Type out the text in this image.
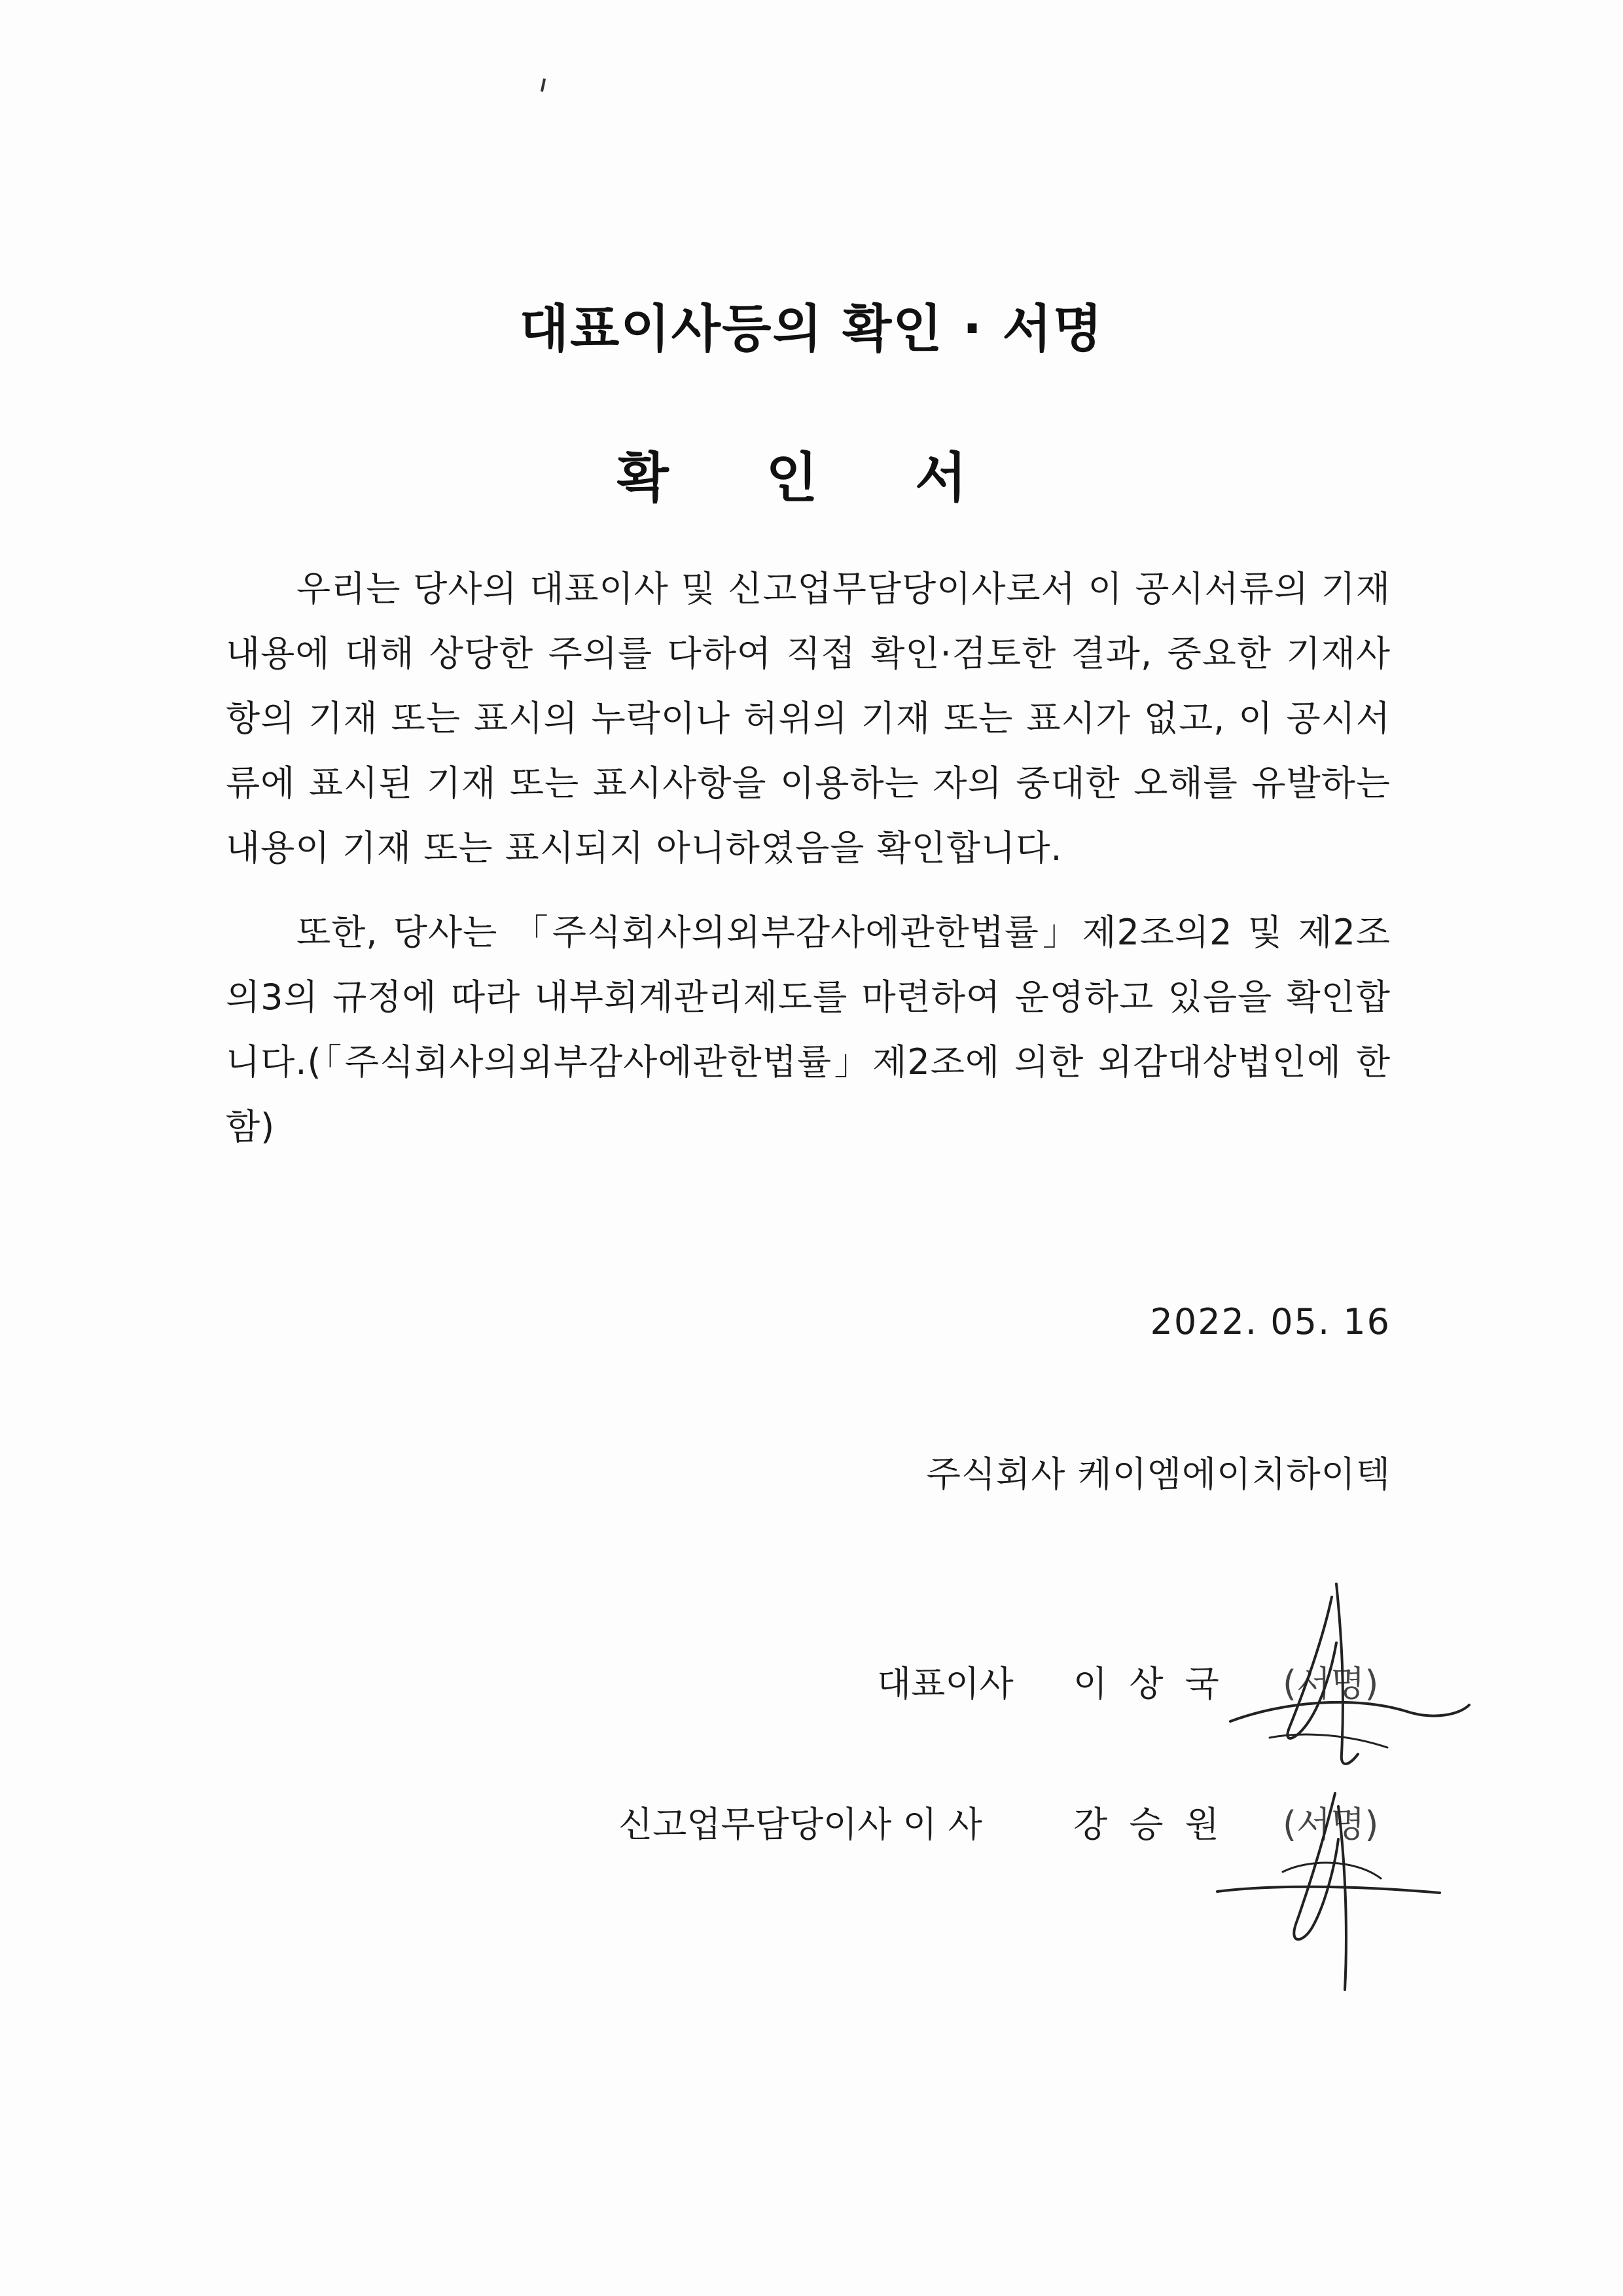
대표이사등의 확인 · 서명
확 인 서
우리는 당사의 대표이사 및 신고업무담당이사로서 이 공시서류의 기재내용에 대해 상당한 주의를 다하여 직접 확인·검토한 결과, 중요한 기재사항의 기재 또는 표시의 누락이나 허위의 기재 또는 표시가 없고, 이 공시서류에 표시된 기재 또는 표시사항을 이용하는 자의 중대한 오해를 유발하는 내용이 기재 또는 표시되지 아니하였음을 확인합니다.
또한, 당사는 「주식회사의외부감사에관한법률」제2조의2 및 제2조의3의 규정에 따라 내부회계관리제도를 마련하여 운영하고 있음을 확인합니다.(「주식회사의외부감사에관한법률」제2조에 의한 외감대상법인에 한함)
2022. 05. 16
주식회사 케이엠에이치하이텍
대표이사 이 상 국 (서명)
신고업무담당이사 이 사	강 승 원 (서명)
